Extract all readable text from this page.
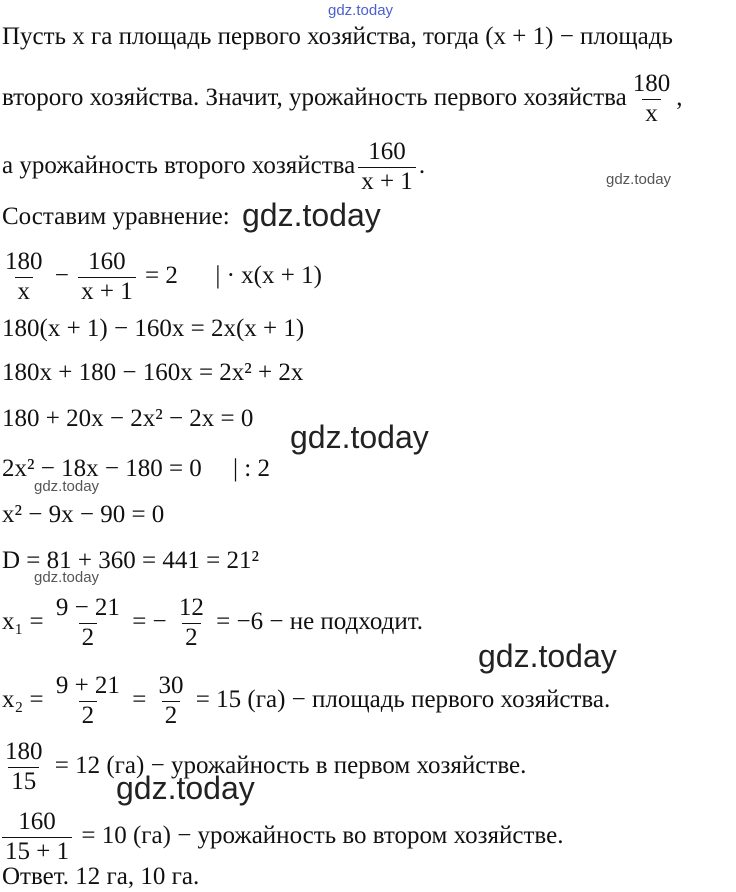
gdz.today
Пусть x га площадь первого хозяйства, тогда (x + 1) − площадь
второго хозяйства. Значит, урожайность первого хозяйства $\frac{180}{x}$ ,
а урожайность второго хозяйства $\frac{160}{x + 1}$ .
gdz.today
Составим уравнение: gdz.today
$\frac{180}{x} - \frac{160}{x + 1} = 2$      | · x(x + 1)
180(x + 1) − 160x = 2x(x + 1)
180x + 180 − 160x = 2x² + 2x
180 + 20x − 2x² − 2x = 0
gdz.today
2x² − 18x − 180 = 0     | : 2
gdz.today
x² − 9x − 90 = 0
D = 81 + 360 = 441 = 21²
gdz.today
$x_1 = \frac{9 - 21}{2}$ = − $\frac{12}{2} = -6$ − не подходит.
gdz.today
$x_2 = \frac{9 + 21}{2} = \frac{30}{2} = 15$ (га) − площадь первого хозяйства.
$\frac{180}{15} = 12$ (га) − урожайность в первом хозяйстве.
gdz.today
$\frac{160}{15 + 1} = 10$ (га) − урожайность во втором хозяйстве.
Ответ. 12 га, 10 га.
